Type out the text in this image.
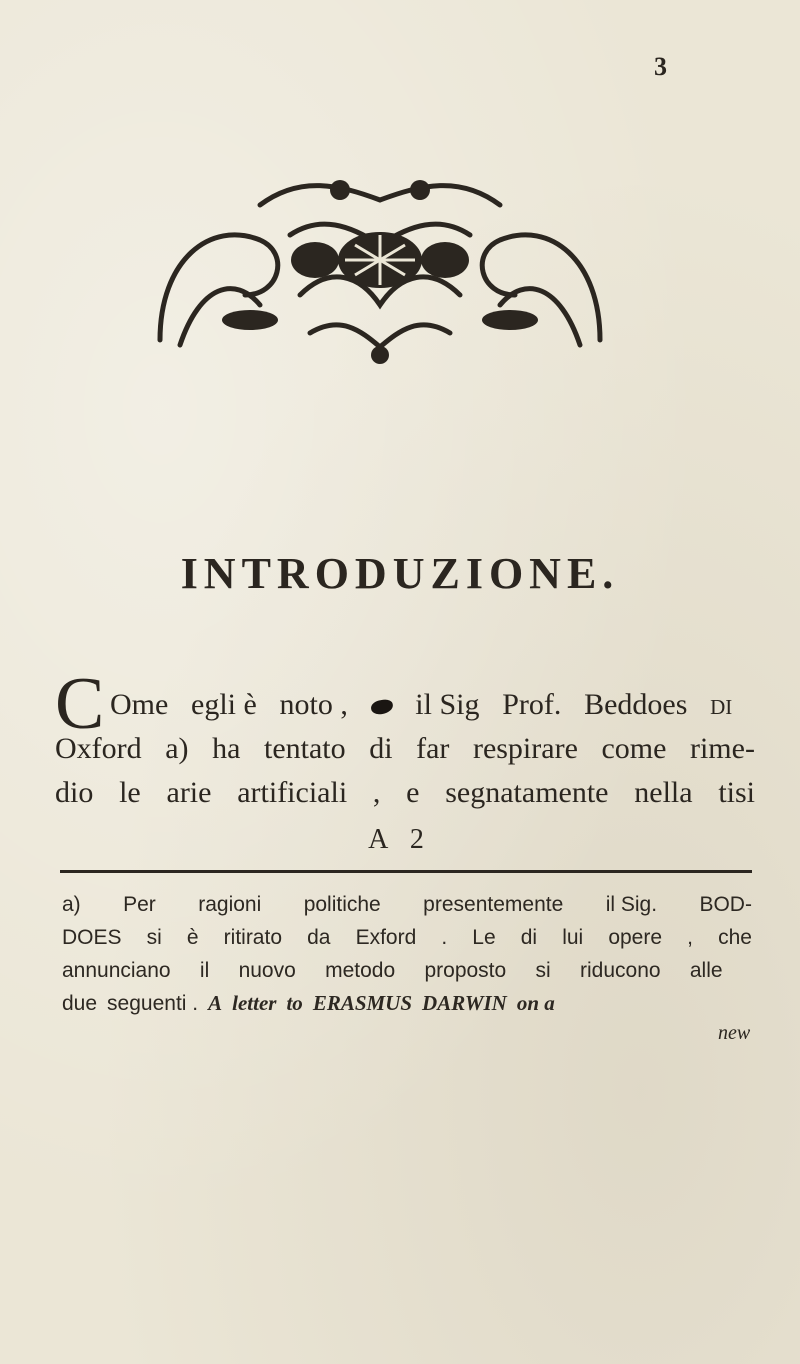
3
INTRODUZIONE.
C Ome egli è noto , il Sig Prof. Beddoes di
Oxford a) ha tentato di far respirare come rime-
dio le arie artificiali , e segnatamente nella tisi
A 2
a) Per ragioni politiche presentemente il Sig. BOD-
DOES si è ritirato da Exford . Le di lui opere , che
annunciano il nuovo metodo proposto si riducono alle
due seguenti . A letter to ERASMUS DARWIN on a
new
